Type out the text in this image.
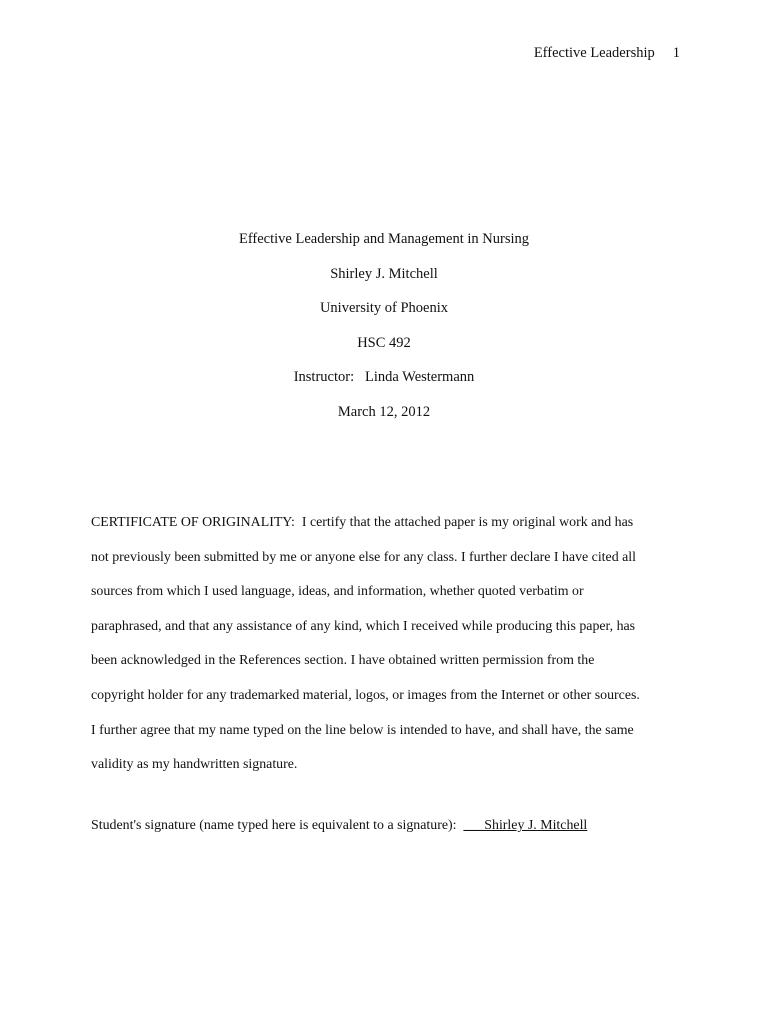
Effective Leadership 1
Effective Leadership and Management in Nursing
Shirley J. Mitchell
University of Phoenix
HSC 492
Instructor:   Linda Westermann
March 12, 2012
CERTIFICATE OF ORIGINALITY:  I certify that the attached paper is my original work and has
not previously been submitted by me or anyone else for any class. I further declare I have cited all
sources from which I used language, ideas, and information, whether quoted verbatim or
paraphrased, and that any assistance of any kind, which I received while producing this paper, has
been acknowledged in the References section. I have obtained written permission from the
copyright holder for any trademarked material, logos, or images from the Internet or other sources.
I further agree that my name typed on the line below is intended to have, and shall have, the same
validity as my handwritten signature.
Student's signature (name typed here is equivalent to a signature):  ___Shirley J. Mitchell
